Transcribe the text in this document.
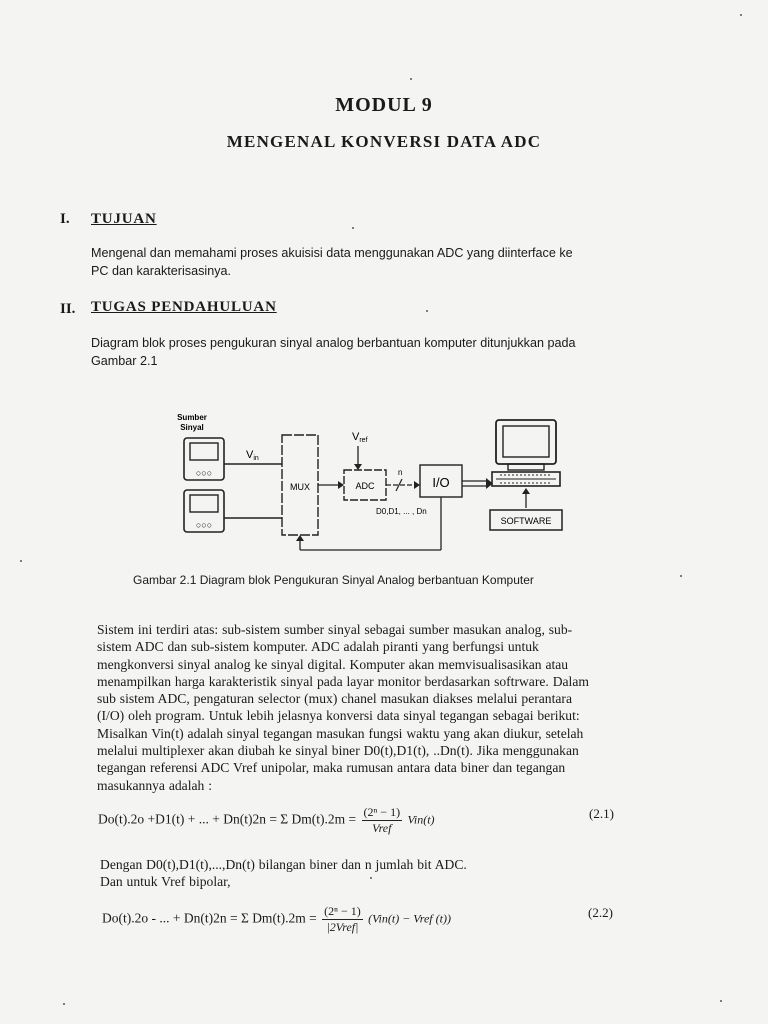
MODUL 9
MENGENAL KONVERSI DATA ADC
I. TUJUAN
Mengenal dan memahami proses akuisisi data menggunakan ADC yang diinterface ke
PC dan karakterisasinya.
II. TUGAS PENDAHULUAN
Diagram blok proses pengukuran sinyal analog berbantuan komputer ditunjukkan pada
Gambar 2.1
Sumber
Sinyal
○○○
○○○
Vin
MUX	ADC
Vref
n
D0,D1, ... , Dn
I/O
SOFTWARE
Gambar 2.1 Diagram blok Pengukuran Sinyal Analog berbantuan Komputer
Sistem ini terdiri atas: sub-sistem sumber sinyal sebagai sumber masukan analog, sub-
sistem ADC dan sub-sistem komputer. ADC adalah piranti yang berfungsi untuk
mengkonversi sinyal analog ke sinyal digital. Komputer akan memvisualisasikan atau
menampilkan harga karakteristik sinyal pada layar monitor berdasarkan softrware. Dalam
sub sistem ADC, pengaturan selector (mux) chanel masukan diakses melalui perantara
(I/O) oleh program. Untuk lebih jelasnya konversi data sinyal tegangan sebagai berikut:
Misalkan Vin(t) adalah sinyal tegangan masukan fungsi waktu yang akan diukur, setelah
melalui multiplexer akan diubah ke sinyal biner D0(t),D1(t), ..Dn(t). Jika menggunakan
tegangan referensi ADC Vref unipolar, maka rumusan antara data biner dan tegangan
masukannya adalah :
Do(t).2o +D1(t) + ... + Dn(t)2n = Σ Dm(t).2m = (2ⁿ − 1)
Vref
Vin(t)	(2.1)
Dengan D0(t),D1(t),...,Dn(t) bilangan biner dan n jumlah bit ADC.
Dan untuk Vref bipolar,
Do(t).2o - ... + Dn(t)2n = Σ Dm(t).2m = (2ⁿ − 1)
|2Vref|
(Vin(t) − Vref (t))	(2.2)
